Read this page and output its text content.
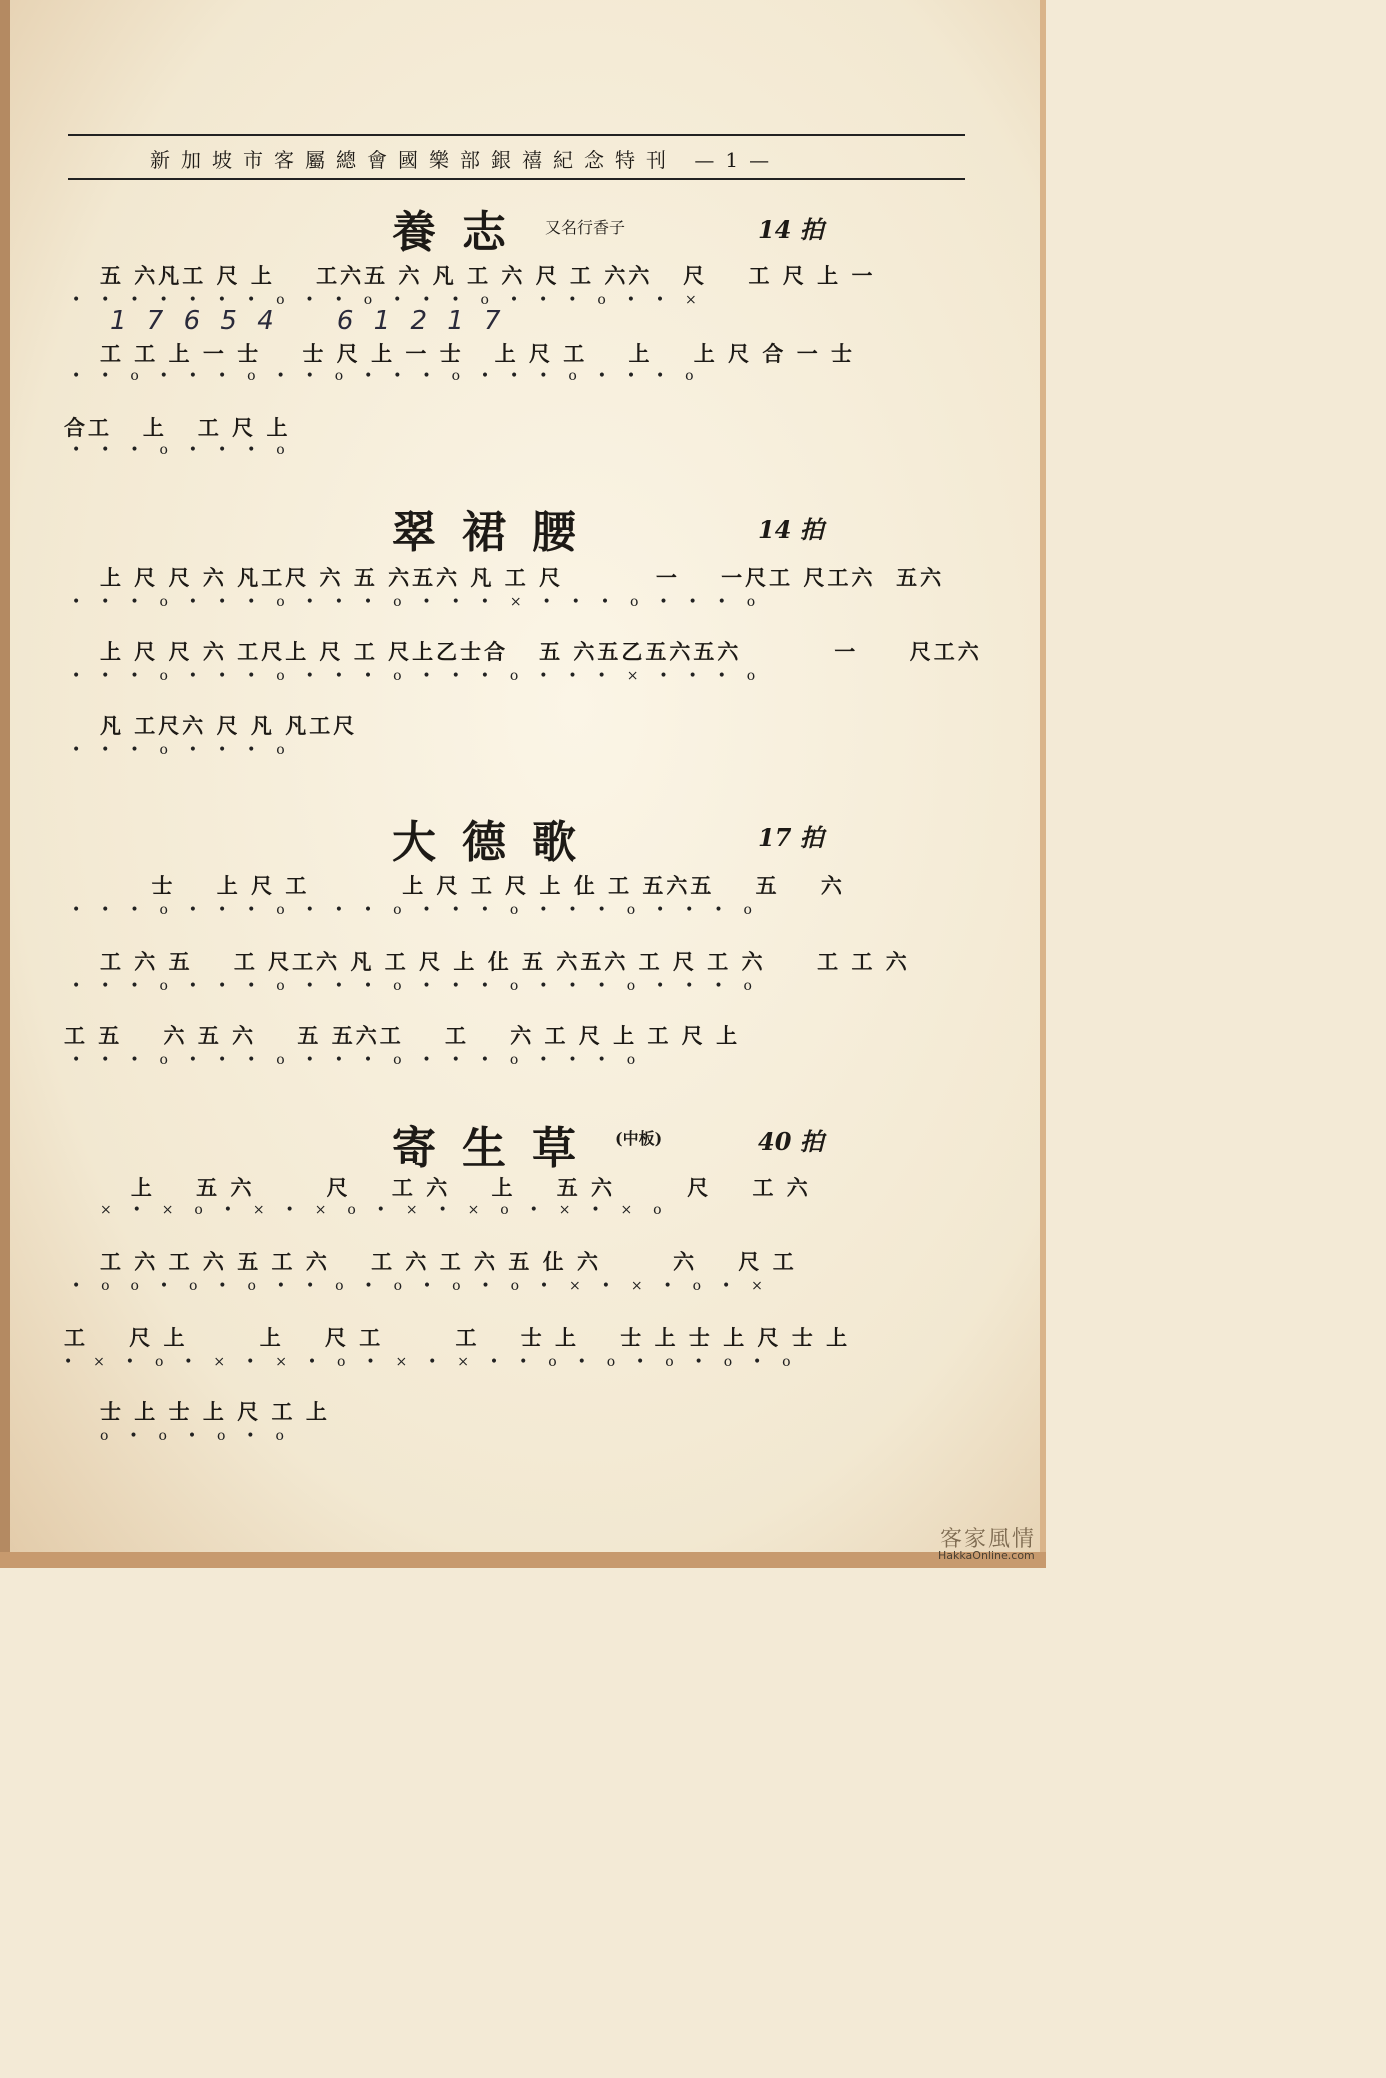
新加坡市客屬總會國樂部銀禧紀念特刊 —1—
養志 又名行香子	14 拍
五 六凡工 尺 上    工六五 六 凡 工 六 尺 工 六六   尺    工 尺 上 一
•  •  •  •  •  •  •  o  •  •  o  •  •  •  o  •  •  •  o  •  •  ×
1 7 6 5 4    6 1 2 1 7
工 工 上 一 士    士 尺 上 一 士   上 尺 工    上    上 尺 合 一 士
•  •  o  •  •  •  o  •  •  o  •  •  •  o  •  •  •  o  •  •  •  o
合工   上   工 尺 上
•  •  •  o  •  •  •  o
翠裙腰	14 拍
上 尺 尺 六 凡工尺 六 五 六五六 凡 工 尺         一    一尺工 尺工六  五六
•  •  •  o  •  •  •  o  •  •  •  o  •  •  •  ×  •  •  •  o  •  •  •  o
上 尺 尺 六 工尺上 尺 工 尺上乙士合   五 六五乙五六五六         一     尺工六
•  •  •  o  •  •  •  o  •  •  •  o  •  •  •  o  •  •  •  ×  •  •  •  o
凡 工尺六 尺 凡 凡工尺
•  •  •  o  •  •  •  o
大德歌	17 拍
士    上 尺 工         上 尺 工 尺 上 仩 工 五六五    五    六
•  •  •  o  •  •  •  o  •  •  •  o  •  •  •  o  •  •  •  o  •  •  •  o
工 六 五    工 尺工六 凡 工 尺 上 仩 五 六五六 工 尺 工 六     工 工 六
•  •  •  o  •  •  •  o  •  •  •  o  •  •  •  o  •  •  •  o  •  •  •  o
工 五    六 五 六    五 五六工    工    六 工 尺 上 工 尺 上
•  •  •  o  •  •  •  o  •  •  •  o  •  •  •  o  •  •  •  o
寄生草 (中板)	40 拍
上    五 六       尺    工 六    上    五 六       尺    工 六
×  •  ×  o  •  ×  •  ×  o  •  ×  •  ×  o  •  ×  •  ×  o
工 六 工 六 五 工 六    工 六 工 六 五 仩 六       六    尺 工
•  o  o  •  o  •  o  •  •  o  •  o  •  o  •  o  •  ×  •  ×  •  o  •  ×
工    尺 上       上    尺 工       工    士 上    士 上 士 上 尺 士 上
•  ×  •  o  •  ×  •  ×  •  o  •  ×  •  ×  •  •  o  •  o  •  o  •  o  •  o
士 上 士 上 尺 工 上
o  •  o  •  o  •  o
客家風情
HakkaOnline.com
